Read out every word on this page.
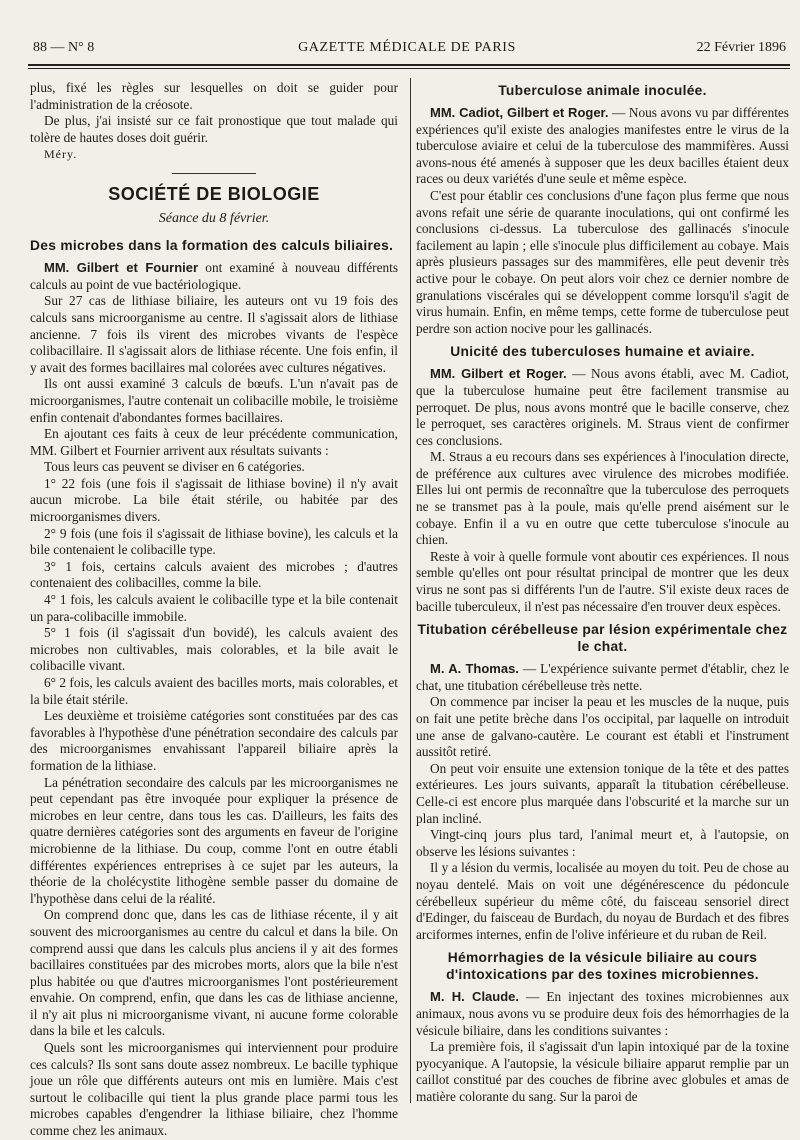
88 — N° 8	GAZETTE MÉDICALE DE PARIS	22 Février 1896

plus, fixé les règles sur lesquelles on doit se guider pour l'administration de la créosote.

De plus, j'ai insisté sur ce fait pronostique que tout malade qui tolère de hautes doses doit guérir.

Méry.

SOCIÉTÉ DE BIOLOGIE
Séance du 8 février.
Des microbes dans la formation des calculs biliaires.

MM. Gilbert et Fournier ont examiné à nouveau différents calculs au point de vue bactériologique.

Sur 27 cas de lithiase biliaire, les auteurs ont vu 19 fois des calculs sans microorganisme au centre. Il s'agissait alors de lithiase ancienne. 7 fois ils virent des microbes vivants de l'espèce colibacillaire. Il s'agissait alors de lithiase récente. Une fois enfin, il y avait des formes bacillaires mal colorées avec cultures négatives.

Ils ont aussi examiné 3 calculs de bœufs. L'un n'avait pas de microorganismes, l'autre contenait un colibacille mobile, le troisième enfin contenait d'abondantes formes bacillaires.

En ajoutant ces faits à ceux de leur précédente communication, MM. Gilbert et Fournier arrivent aux résultats suivants :

Tous leurs cas peuvent se diviser en 6 catégories.

1° 22 fois (une fois il s'agissait de lithiase bovine) il n'y avait aucun microbe. La bile était stérile, ou habitée par des microorganismes divers.

2° 9 fois (une fois il s'agissait de lithiase bovine), les calculs et la bile contenaient le colibacille type.

3° 1 fois, certains calculs avaient des microbes ; d'autres contenaient des colibacilles, comme la bile.

4° 1 fois, les calculs avaient le colibacille type et la bile contenait un para-colibacille immobile.

5° 1 fois (il s'agissait d'un bovidé), les calculs avaient des microbes non cultivables, mais colorables, et la bile avait le colibacille vivant.

6° 2 fois, les calculs avaient des bacilles morts, mais colorables, et la bile était stérile.

Les deuxième et troisième catégories sont constituées par des cas favorables à l'hypothèse d'une pénétration secondaire des calculs par des microorganismes envahissant l'appareil biliaire après la formation de la lithiase.

La pénétration secondaire des calculs par les microorganismes ne peut cependant pas être invoquée pour expliquer la présence de microbes en leur centre, dans tous les cas. D'ailleurs, les faits des quatre dernières catégories sont des arguments en faveur de l'origine microbienne de la lithiase. Du coup, comme l'ont en outre établi différentes expériences entreprises à ce sujet par les auteurs, la théorie de la cholécystite lithogène semble passer du domaine de l'hypothèse dans celui de la réalité.

On comprend donc que, dans les cas de lithiase récente, il y ait souvent des microorganismes au centre du calcul et dans la bile. On comprend aussi que dans les calculs plus anciens il y ait des formes bacillaires constituées par des microbes morts, alors que la bile n'est plus habitée ou que d'autres microorganismes l'ont postérieurement envahie. On comprend, enfin, que dans les cas de lithiase ancienne, il n'y ait plus ni microorganisme vivant, ni aucune forme colorable dans la bile et les calculs.

Quels sont les microorganismes qui interviennent pour produire ces calculs? Ils sont sans doute assez nombreux. Le bacille typhique joue un rôle que différents auteurs ont mis en lumière. Mais c'est surtout le colibacille qui tient la plus grande place parmi tous les microbes capables d'engendrer la lithiase biliaire, chez l'homme comme chez les animaux.

Tuberculose animale inoculée.

MM. Cadiot, Gilbert et Roger. — Nous avons vu par différentes expériences qu'il existe des analogies manifestes entre le virus de la tuberculose aviaire et celui de la tuberculose des mammifères. Aussi avons-nous été amenés à supposer que les deux bacilles étaient deux races ou deux variétés d'une seule et même espèce.

C'est pour établir ces conclusions d'une façon plus ferme que nous avons refait une série de quarante inoculations, qui ont confirmé les conclusions ci-dessus. La tuberculose des gallinacés s'inocule facilement au lapin ; elle s'inocule plus difficilement au cobaye. Mais après plusieurs passages sur des mammifères, elle peut devenir très active pour le cobaye. On peut alors voir chez ce dernier nombre de granulations viscérales qui se développent comme lorsqu'il s'agit de virus humain. Enfin, en même temps, cette forme de tuberculose peut perdre son action nocive pour les gallinacés.

Unicité des tuberculoses humaine et aviaire.

MM. Gilbert et Roger. — Nous avons établi, avec M. Cadiot, que la tuberculose humaine peut être facilement transmise au perroquet. De plus, nous avons montré que le bacille conserve, chez le perroquet, ses caractères originels. M. Straus vient de confirmer ces conclusions.

M. Straus a eu recours dans ses expériences à l'inoculation directe, de préférence aux cultures avec virulence des microbes modifiée. Elles lui ont permis de reconnaître que la tuberculose des perroquets ne se transmet pas à la poule, mais qu'elle prend aisément sur le cobaye. Enfin il a vu en outre que cette tuberculose s'inocule au chien.

Reste à voir à quelle formule vont aboutir ces expériences. Il nous semble qu'elles ont pour résultat principal de montrer que les deux virus ne sont pas si différents l'un de l'autre. S'il existe deux races de bacille tuberculeux, il n'est pas nécessaire d'en trouver deux espèces.

Titubation cérébelleuse par lésion expérimentale chez le chat.

M. A. Thomas. — L'expérience suivante permet d'établir, chez le chat, une titubation cérébelleuse très nette.

On commence par inciser la peau et les muscles de la nuque, puis on fait une petite brèche dans l'os occipital, par laquelle on introduit une anse de galvano-cautère. Le courant est établi et l'instrument aussitôt retiré.

On peut voir ensuite une extension tonique de la tête et des pattes extérieures. Les jours suivants, apparaît la titubation cérébelleuse. Celle-ci est encore plus marquée dans l'obscurité et la marche sur un plan incliné.

Vingt-cinq jours plus tard, l'animal meurt et, à l'autopsie, on observe les lésions suivantes :

Il y a lésion du vermis, localisée au moyen du toit. Peu de chose au noyau dentelé. Mais on voit une dégénérescence du pédoncule cérébelleux supérieur du même côté, du faisceau sensoriel direct d'Edinger, du faisceau de Burdach, du noyau de Burdach et des fibres arciformes internes, enfin de l'olive inférieure et du ruban de Reil.

Hémorrhagies de la vésicule biliaire au cours d'intoxications par des toxines microbiennes.

M. H. Claude. — En injectant des toxines microbiennes aux animaux, nous avons vu se produire deux fois des hémorrhagies de la vésicule biliaire, dans les conditions suivantes :

La première fois, il s'agissait d'un lapin intoxiqué par de la toxine pyocyanique. A l'autopsie, la vésicule biliaire apparut remplie par un caillot constitué par des couches de fibrine avec globules et amas de matière colorante du sang. Sur la paroi de
